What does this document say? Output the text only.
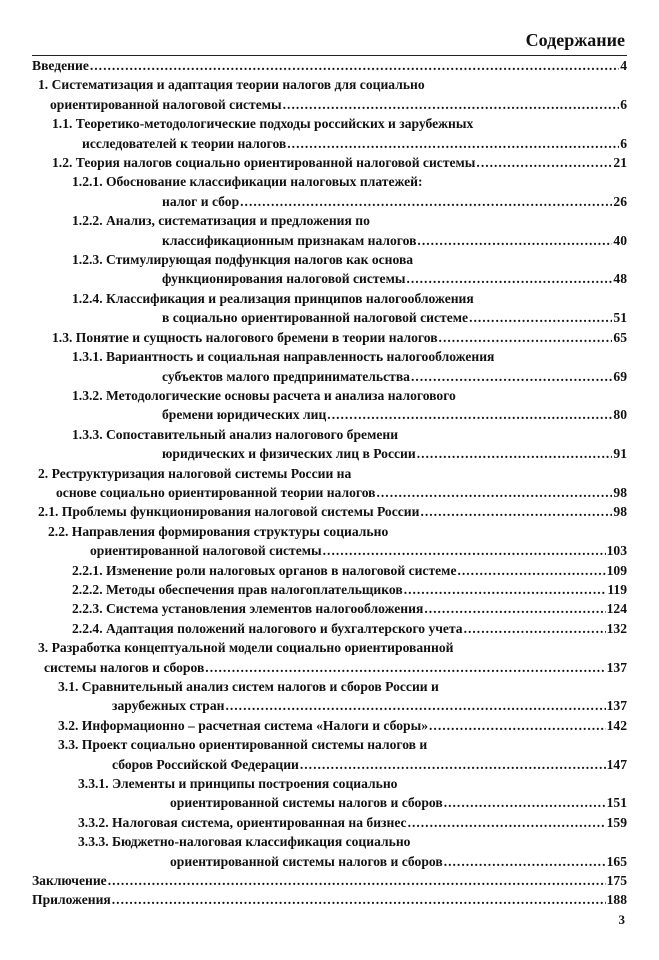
Содержание
Введение .....	4
1. Систематизация и адаптация теории налогов для социально
ориентированной налоговой системы .....	6
1.1. Теоретико-методологические подходы российских и зарубежных
исследователей к теории налогов .....	6
1.2. Теория налогов социально ориентированной налоговой системы .....	21
1.2.1. Обоснование классификации налоговых платежей:
налог и сбор .....	26
1.2.2. Анализ, систематизация и предложения по
классификационным признакам налогов .....	40
1.2.3. Стимулирующая подфункция налогов как основа
функционирования налоговой системы .....	48
1.2.4. Классификация и реализация принципов налогообложения
в социально ориентированной налоговой системе .....	51
1.3. Понятие и сущность налогового бремени в теории налогов .....	65
1.3.1. Вариантность и социальная направленность налогообложения
субъектов малого предпринимательства .....	69
1.3.2. Методологические основы расчета и анализа налогового
бремени юридических лиц .....	80
1.3.3. Сопоставительный анализ налогового бремени
юридических и физических лиц в России .....	91
2. Реструктуризация налоговой системы России на
основе социально ориентированной теории налогов .....	98
2.1. Проблемы функционирования налоговой системы России .....	98
2.2. Направления формирования структуры социально
ориентированной налоговой системы .....	103
2.2.1. Изменение роли налоговых органов в налоговой системе .....	109
2.2.2. Методы обеспечения прав налогоплательщиков .....	119
2.2.3. Система установления элементов налогообложения .....	124
2.2.4. Адаптация положений налогового и бухгалтерского учета .....	132
3. Разработка концептуальной модели социально ориентированной
системы налогов и сборов .....	137
3.1. Сравнительный анализ систем налогов и сборов России и
зарубежных стран .....	137
3.2. Информационно – расчетная система «Налоги и сборы» .....	142
3.3. Проект социально ориентированной системы налогов и
сборов Российской Федерации .....	147
3.3.1. Элементы и принципы построения социально
ориентированной системы налогов и сборов .....	151
3.3.2. Налоговая система, ориентированная на бизнес .....	159
3.3.3. Бюджетно-налоговая классификация социально
ориентированной системы налогов и сборов .....	165
Заключение .....	175
Приложения .....	188
3
